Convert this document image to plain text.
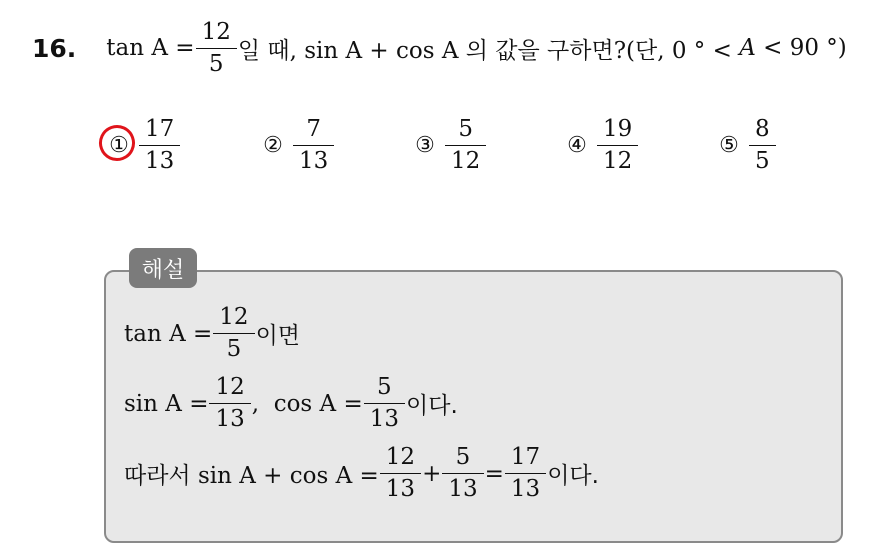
16. $\tan A = \frac{12}{5}$ 일 때, sin A + cos A 의 값을 구하면?(단, 0 ° <
A
< 90 °)
① $\frac{17}{13}$	② $\frac{7}{13}$	③ $\frac{5}{12}$	④ $\frac{19}{12}$	⑤ $\frac{8}{5}$
해설
$\tan A = \frac{12}{5}$ 이면
$\sin A = \frac{12}{13}$ ,  $\cos A = \frac{5}{13}$ 이다.
따라서 $\sin A + \cos A = \frac{12}{13} + \frac{5}{13} = \frac{17}{13}$ 이다.
